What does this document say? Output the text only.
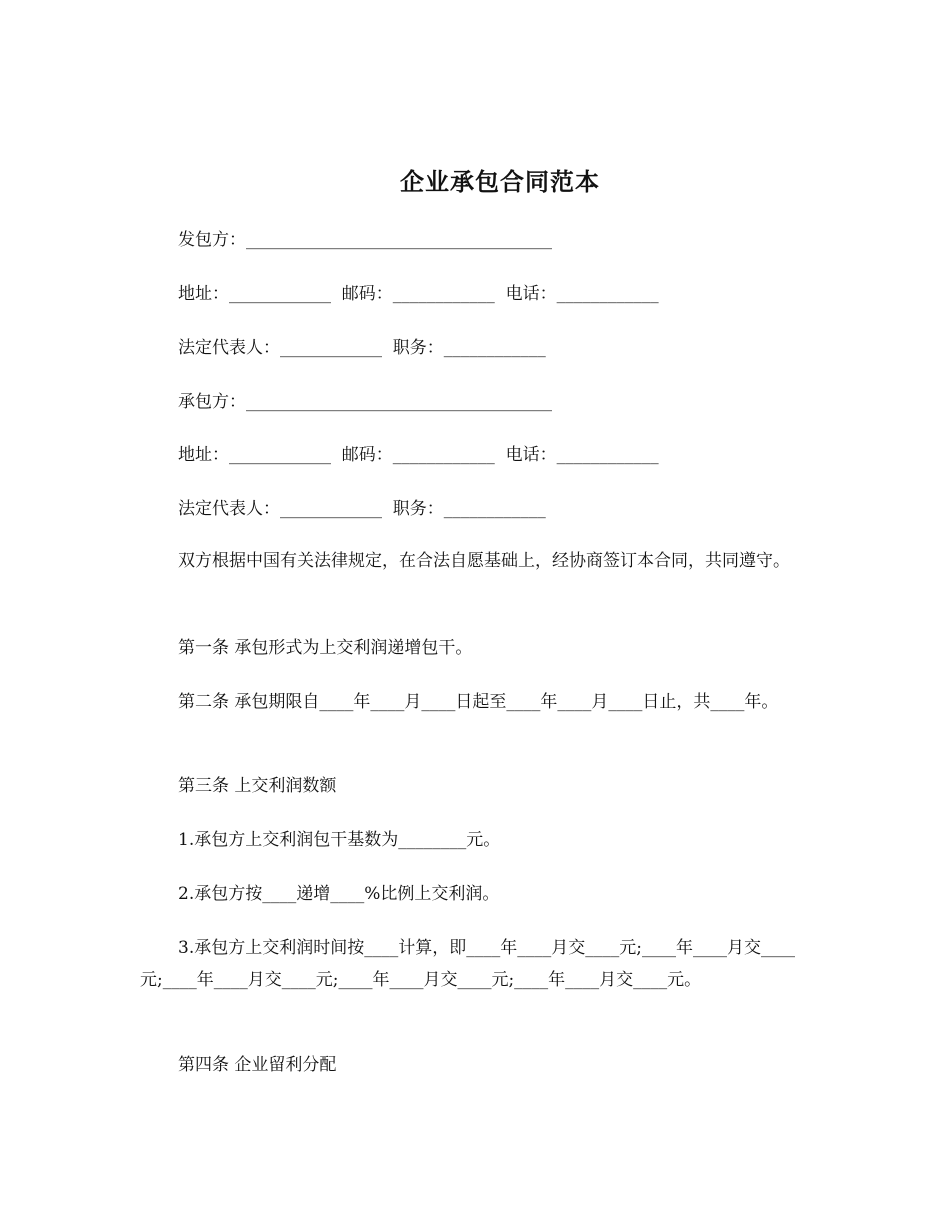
企业承包合同范本
发包方：____________________________________
地址：____________  邮码：____________  电话：____________
法定代表人：____________  职务：____________
承包方：____________________________________
地址：____________  邮码：____________  电话：____________
法定代表人：____________  职务：____________
双方根据中国有关法律规定，在合法自愿基础上，经协商签订本合同，共同遵守。
第一条 承包形式为上交利润递增包干。
第二条 承包期限自____年____月____日起至____年____月____日止，共____年。
第三条 上交利润数额
1.承包方上交利润包干基数为________元。
2.承包方按____递增____%比例上交利润。
3.承包方上交利润时间按____计算，即____年____月交____元;____年____月交____元;____年____月交____元;____年____月交____元;____年____月交____元。
第四条 企业留利分配
